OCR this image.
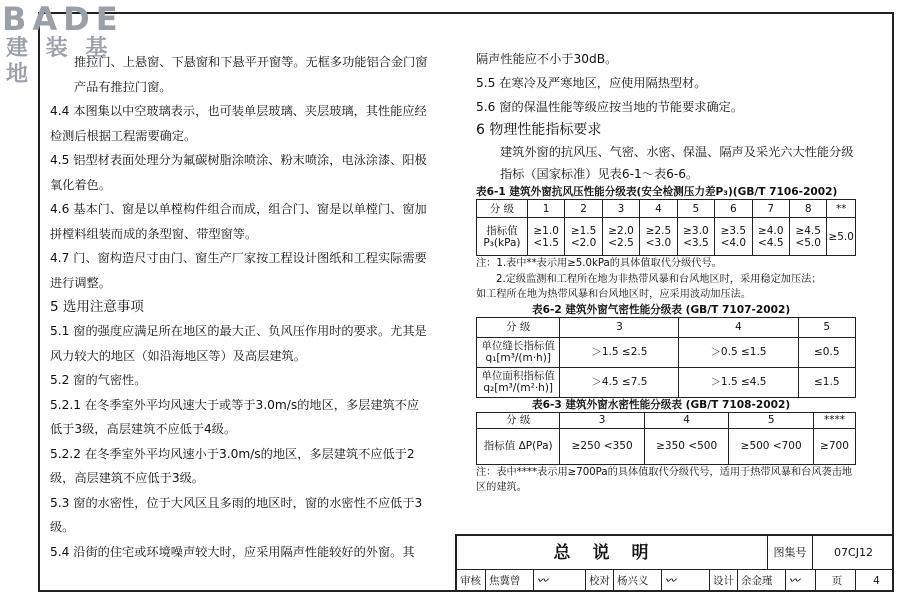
BADE
建 装 基 地	推拉门、上悬窗、下悬窗和下悬平开窗等。无框多功能铝合金门窗产品有推拉门窗。

4.4 本图集以中空玻璃表示，也可装单层玻璃、夹层玻璃，其性能应经检测后根据工程需要确定。

4.5 铝型材表面处理分为氟碳树脂涂喷涂、粉末喷涂，电泳涂漆、阳极氧化着色。

4.6 基本门、窗是以单樘构件组合而成，组合门、窗是以单樘门、窗加拼樘料组装而成的条型窗、带型窗等。

4.7 门、窗构造尺寸由门、窗生产厂家按工程设计图纸和工程实际需要进行调整。

5 选用注意事项

5.1 窗的强度应满足所在地区的最大正、负风压作用时的要求。尤其是风力较大的地区（如沿海地区等）及高层建筑。

5.2 窗的气密性。

5.2.1 在冬季室外平均风速大于或等于3.0m/s的地区，多层建筑不应低于3级，高层建筑不应低于4级。

5.2.2 在冬季室外平均风速小于3.0m/s的地区，多层建筑不应低于2级，高层建筑不应低于3级。

5.3 窗的水密性，位于大风区且多雨的地区时，窗的水密性不应低于3级。

5.4 沿街的住宅或环境噪声较大时，应采用隔声性能较好的外窗。其

隔声性能应不小于30dB。

5.5 在寒冷及严寒地区，应使用隔热型材。

5.6 窗的保温性能等级应按当地的节能要求确定。

6 物理性能指标要求

建筑外窗的抗风压、气密、水密、保温、隔声及采光六大性能分级指标（国家标准）见表6-1～表6-6。

表6-1 建筑外窗抗风压性能分级表(安全检测压力差P₃)(GB/T 7106-2002)
分 级	1	2	3	4	5	6	7	8	**
指标值 P₃(kPa)	≥1.0 <1.5	≥1.5 <2.0	≥2.0 <2.5	≥2.5 <3.0	≥3.0 <3.5	≥3.5 <4.0	≥4.0 <4.5	≥4.5 <5.0	≥5.0
注：1.表中**表示用≥5.0kPa的具体值取代分级代号。
2.定级监测和工程所在地为非热带风暴和台风地区时，采用稳定加压法；
如工程所在地为热带风暴和台风地区时，应采用波动加压法。
表6-2 建筑外窗气密性能分级表 (GB/T 7107-2002)
分 级	3	4	5
单位缝长指标值 q₁[m³/(m·h)]	＞1.5 ≤2.5	＞0.5 ≤1.5	≤0.5
单位面积指标值 q₂[m³/(m²·h)]	＞4.5 ≤7.5	＞1.5 ≤4.5	≤1.5
表6-3 建筑外窗水密性能分级表 (GB/T 7108-2002)
分 级	3	4	5	****
指标值 ΔP(Pa)	≥250 <350	≥350 <500	≥500 <700	≥700
注：表中****表示用≥700Pa的具体值取代分级代号，适用于热带风暴和台风袭击地区的建筑。
总说明	图集号	07CJ12
审核 焦冀曾	〰	校对 杨兴义	〰	设计 余金瑾	〰	页	4
